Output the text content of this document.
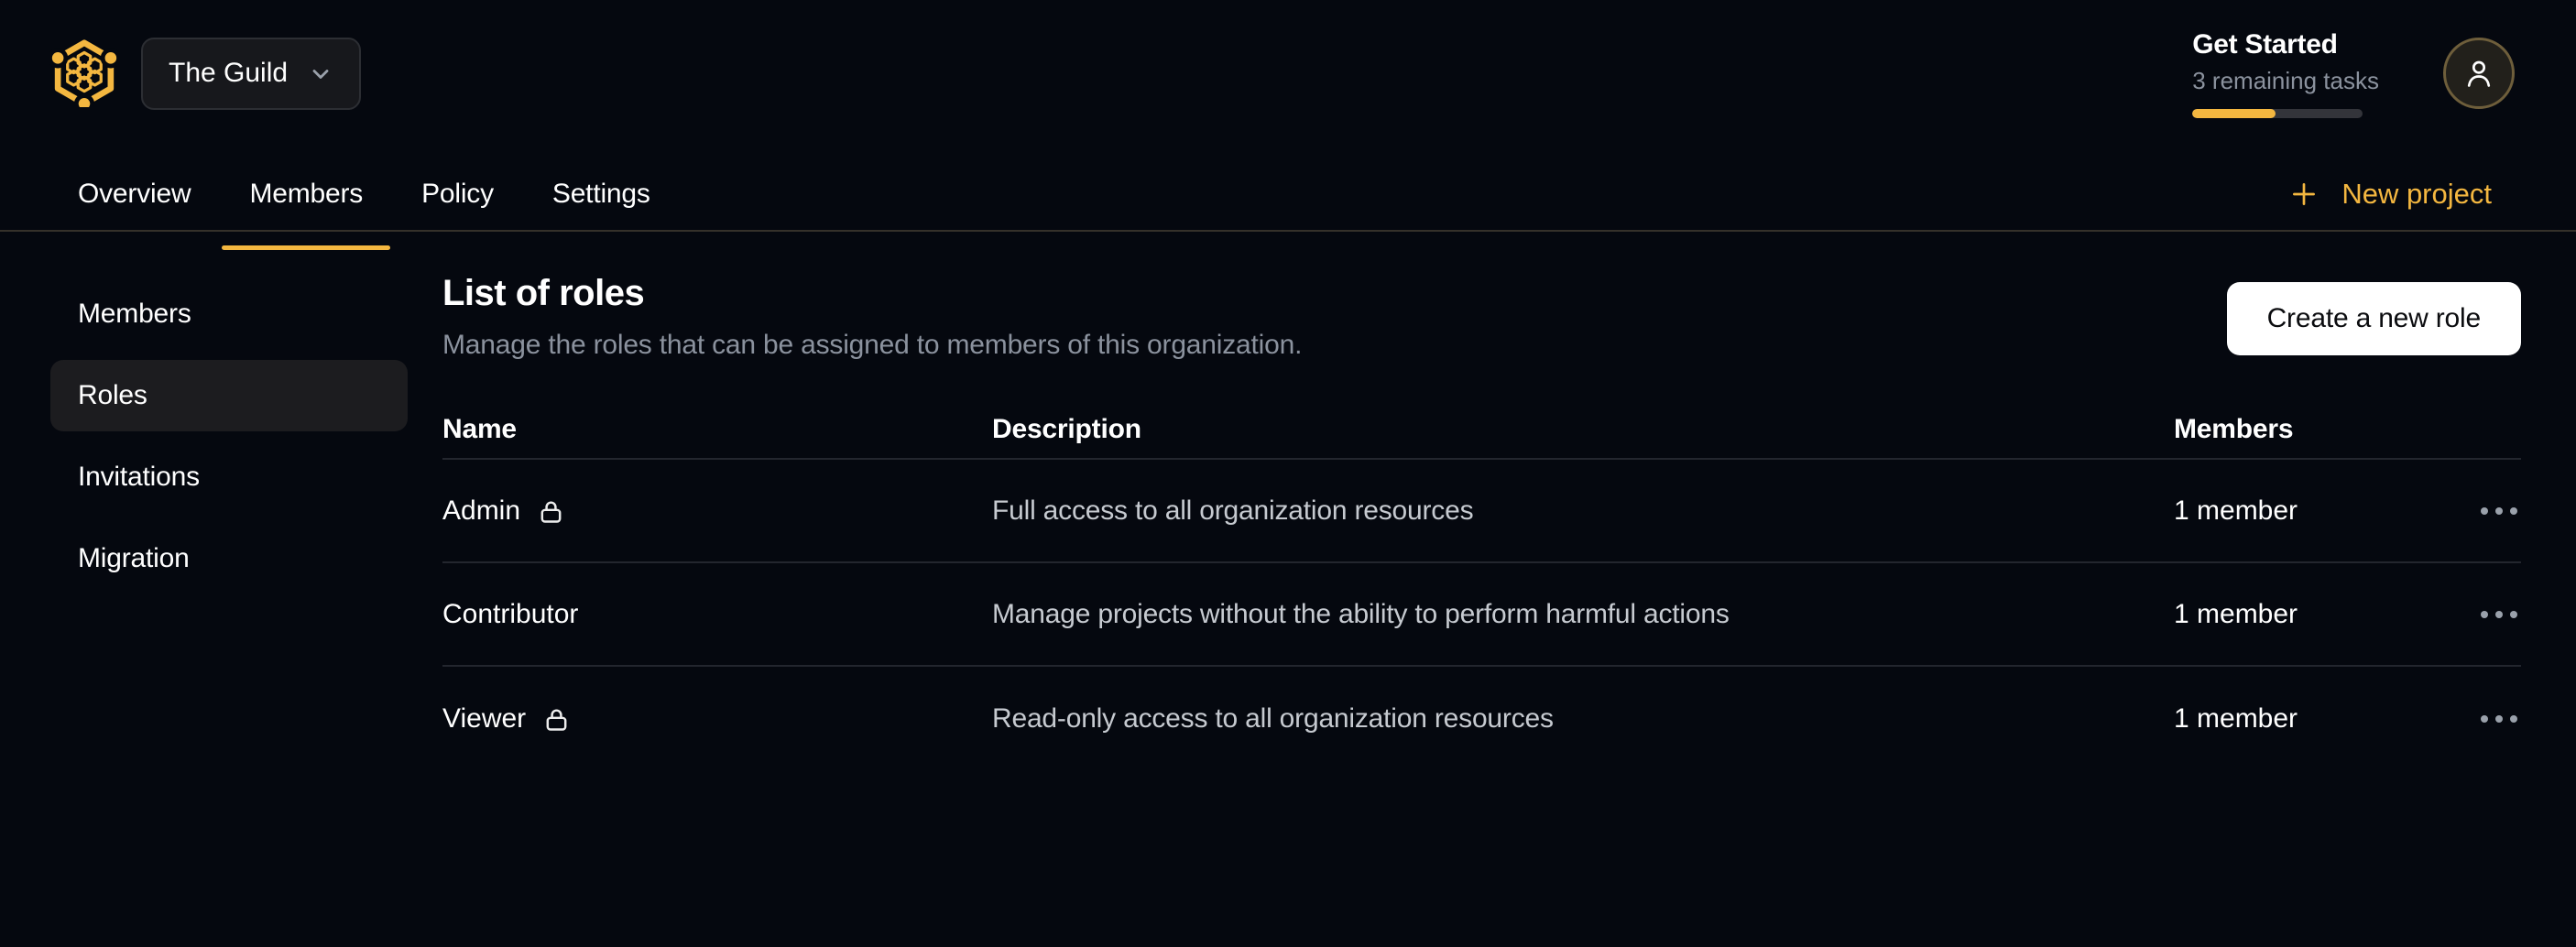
The Guild
Get Started
3 remaining tasks
Overview	Members	Policy	Settings	New project
Members
Roles
Invitations
Migration
List of roles
Manage the roles that can be assigned to members of this organization.
Create a new role
Name	Description	Members
Admin	Full access to all organization resources	1 member
Contributor	Manage projects without the ability to perform harmful actions	1 member
Viewer	Read-only access to all organization resources	1 member
